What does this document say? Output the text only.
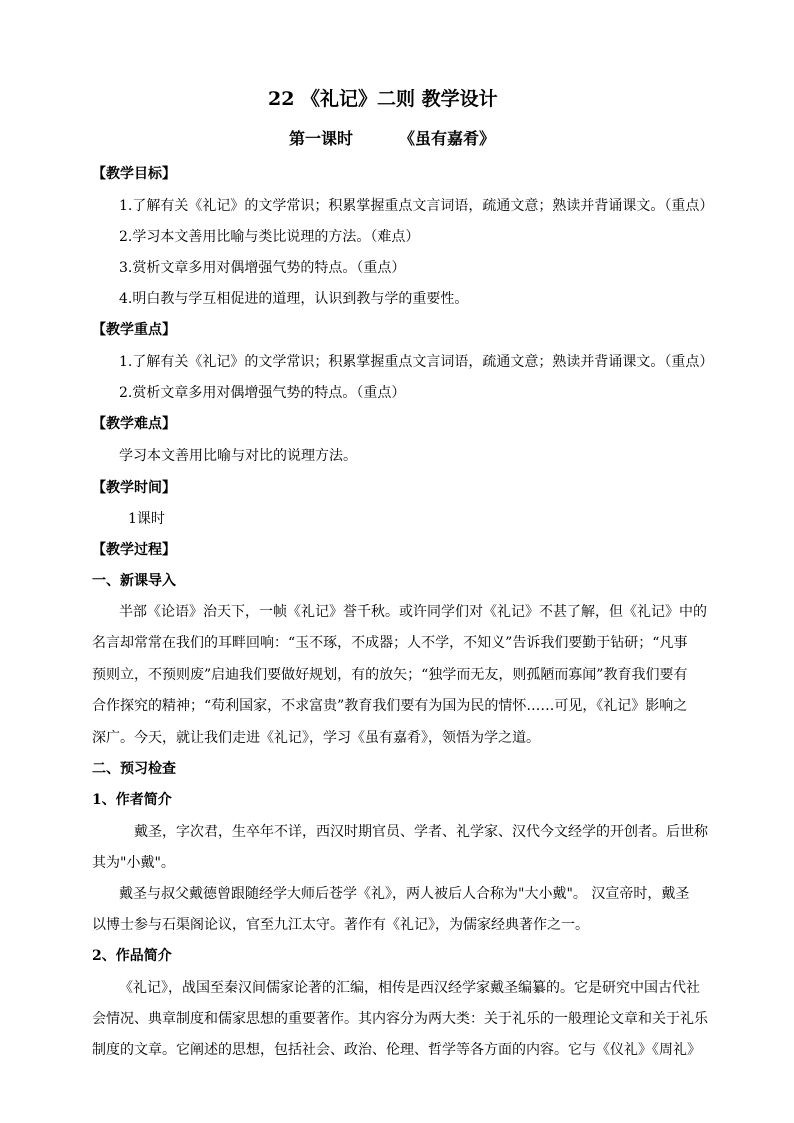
22 《礼记》二则 教学设计
第一课时	《虽有嘉肴》
【教学目标】
1.了解有关《礼记》的文学常识；积累掌握重点文言词语，疏通文意；熟读并背诵课文。（重点）
2.学习本文善用比喻与类比说理的方法。（难点）
3.赏析文章多用对偶增强气势的特点。（重点）
4.明白教与学互相促进的道理，认识到教与学的重要性。
【教学重点】
1.了解有关《礼记》的文学常识；积累掌握重点文言词语，疏通文意；熟读并背诵课文。（重点）
2.赏析文章多用对偶增强气势的特点。（重点）
【教学难点】
学习本文善用比喻与对比的说理方法。
【教学时间】
1课时
【教学过程】
一、新课导入
半部《论语》治天下，一帧《礼记》誉千秋。或许同学们对《礼记》不甚了解，但《礼记》中的
名言却常常在我们的耳畔回响：“玉不琢，不成器；人不学，不知义”告诉我们要勤于钻研；“凡事
预则立，不预则废”启迪我们要做好规划，有的放矢；“独学而无友，则孤陋而寡闻”教育我们要有
合作探究的精神；“苟利国家，不求富贵”教育我们要有为国为民的情怀……可见，《礼记》影响之
深广。今天，就让我们走进《礼记》，学习《虽有嘉肴》，领悟为学之道。
二、预习检查
1、作者简介
戴圣，字次君，生卒年不详，西汉时期官员、学者、礼学家、汉代今文经学的开创者。后世称
其为"小戴"。
戴圣与叔父戴德曾跟随经学大师后苍学《礼》，两人被后人合称为"大小戴"。 汉宣帝时，戴圣
以博士参与石渠阁论议，官至九江太守。著作有《礼记》，为儒家经典著作之一。
2、作品简介
《礼记》，战国至秦汉间儒家论著的汇编，相传是西汉经学家戴圣编纂的。它是研究中国古代社
会情况、典章制度和儒家思想的重要著作。其内容分为两大类：关于礼乐的一般理论文章和关于礼乐
制度的文章。它阐述的思想，包括社会、政治、伦理、哲学等各方面的内容。它与《仪礼》《周礼》
